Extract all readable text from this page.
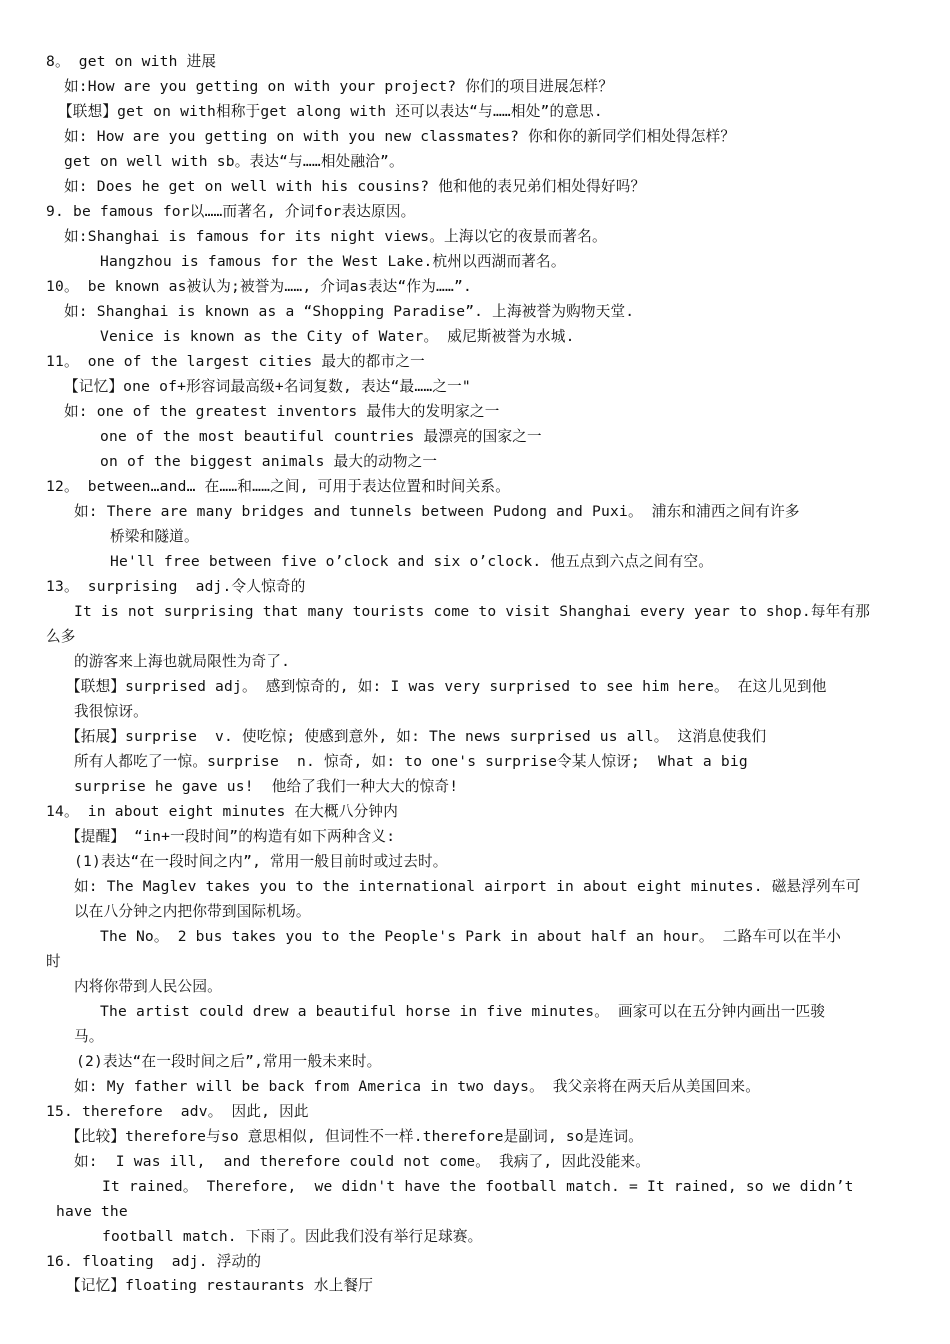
8。 get on with 进展
如:How are you getting on with your project? 你们的项目进展怎样？
【联想】get on with相称于get along with 还可以表达“与……相处”的意思.
如: How are you getting on with you new classmates? 你和你的新同学们相处得怎样？
get on well with sb。表达“与……相处融洽”。
如: Does he get on well with his cousins? 他和他的表兄弟们相处得好吗？
9. be famous for以……而著名, 介词for表达原因。
如:Shanghai is famous for its night views。上海以它的夜景而著名。
Hangzhou is famous for the West Lake.杭州以西湖而著名。
10。 be known as被认为;被誉为……, 介词as表达“作为……”.
如: Shanghai is known as a “Shopping Paradise”. 上海被誉为购物天堂.
Venice is known as the City of Water。 威尼斯被誉为水城.
11。 one of the largest cities 最大的都市之一
【记忆】one of+形容词最高级+名词复数, 表达“最……之一"
如: one of the greatest inventors 最伟大的发明家之一
one of the most beautiful countries 最漂亮的国家之一
on of the biggest animals 最大的动物之一
12。 between…and… 在……和……之间, 可用于表达位置和时间关系。
如: There are many bridges and tunnels between Pudong and Puxi。 浦东和浦西之间有许多
桥梁和隧道。
He'll free between five o’clock and six o’clock. 他五点到六点之间有空。
13。 surprising  adj.令人惊奇的
It is not surprising that many tourists come to visit Shanghai every year to shop.每年有那
么多
的游客来上海也就局限性为奇了.
【联想】surprised adj。 感到惊奇的, 如: I was very surprised to see him here。 在这儿见到他
我很惊讶。
【拓展】surprise  v. 使吃惊; 使感到意外, 如: The news surprised us all。 这消息使我们
所有人都吃了一惊。surprise  n. 惊奇, 如: to one's surprise令某人惊讶;  What a big
surprise he gave us!  他给了我们一种大大的惊奇!
14。 in about eight minutes 在大概八分钟内
【提醒】 “in+一段时间”的构造有如下两种含义:
(1)表达“在一段时间之内”, 常用一般目前时或过去时。
如: The Maglev takes you to the international airport in about eight minutes. 磁悬浮列车可
以在八分钟之内把你带到国际机场。
The No。 2 bus takes you to the People's Park in about half an hour。 二路车可以在半小
时
内将你带到人民公园。
The artist could drew a beautiful horse in five minutes。 画家可以在五分钟内画出一匹骏
马。
(2)表达“在一段时间之后”,常用一般未来时。
如: My father will be back from America in two days。 我父亲将在两天后从美国回来。
15. therefore  adv。 因此, 因此
【比较】therefore与so 意思相似, 但词性不一样.therefore是副词, so是连词。
如:  I was ill,  and therefore could not come。 我病了, 因此没能来。
It rained。 Therefore,  we didn't have the football match. = It rained, so we didn’t
have the
football match. 下雨了。因此我们没有举行足球赛。
16. floating  adj. 浮动的
【记忆】floating restaurants 水上餐厅
